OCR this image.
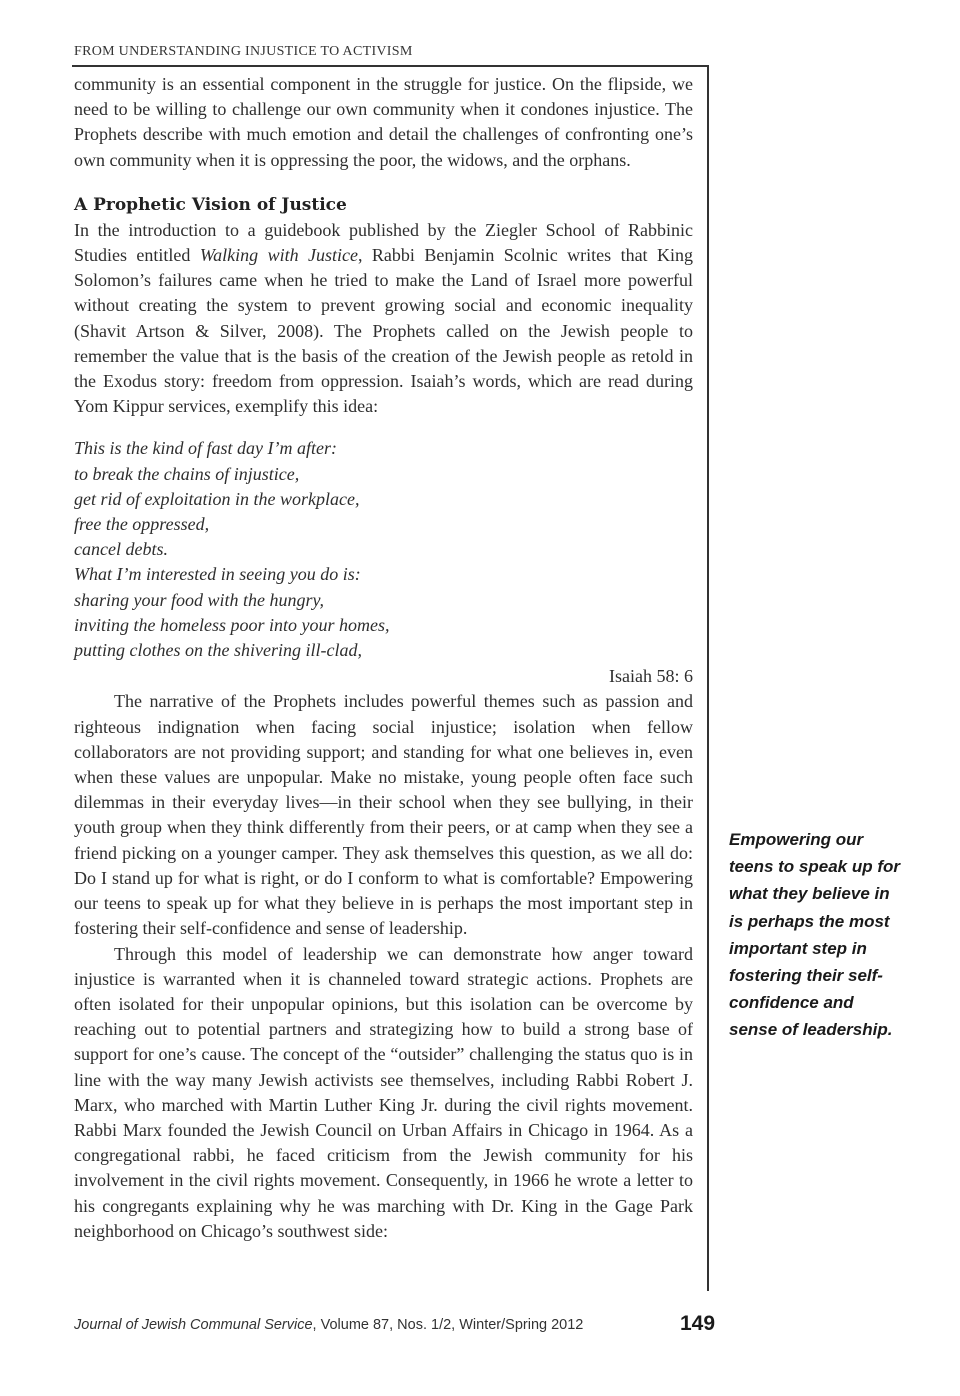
FROM UNDERSTANDING INJUSTICE TO ACTIVISM

community is an essential component in the struggle for justice. On the flipside, we need to be willing to challenge our own community when it condones injustice. The Prophets describe with much emotion and detail the challenges of confronting one’s own community when it is oppressing the poor, the widows, and the orphans.

A Prophetic Vision of Justice

In the introduction to a guidebook published by the Ziegler School of Rabbinic Studies entitled Walking with Justice, Rabbi Benjamin Scolnic writes that King Solomon’s failures came when he tried to make the Land of Israel more powerful without creating the system to prevent growing social and economic inequality (Shavit Artson & Silver, 2008). The Prophets called on the Jewish people to remember the value that is the basis of the creation of the Jewish people as retold in the Exodus story: freedom from oppression. Isaiah’s words, which are read during Yom Kippur services, exemplify this idea:

This is the kind of fast day I’m after:
to break the chains of injustice,
get rid of exploitation in the workplace,
free the oppressed,
cancel debts.
What I’m interested in seeing you do is:
sharing your food with the hungry,
inviting the homeless poor into your homes,
putting clothes on the shivering ill-clad,
Isaiah 58: 6

The narrative of the Prophets includes powerful themes such as passion and righteous indignation when facing social injustice; isolation when fellow collaborators are not providing support; and standing for what one believes in, even when these values are unpopular. Make no mistake, young people often face such dilemmas in their everyday lives—in their school when they see bullying, in their youth group when they think differently from their peers, or at camp when they see a friend picking on a younger camper. They ask themselves this question, as we all do: Do I stand up for what is right, or do I conform to what is comfortable? Empowering our teens to speak up for what they believe in is perhaps the most important step in fostering their self-confidence and sense of leadership.

Through this model of leadership we can demonstrate how anger toward injustice is warranted when it is channeled toward strategic actions. Prophets are often isolated for their unpopular opinions, but this isolation can be overcome by reaching out to potential partners and strategizing how to build a strong base of support for one’s cause. The concept of the “outsider” challenging the status quo is in line with the way many Jewish activists see themselves, including Rabbi Robert J. Marx, who marched with Martin Luther King Jr. during the civil rights movement. Rabbi Marx founded the Jewish Council on Urban Affairs in Chicago in 1964. As a congregational rabbi, he faced criticism from the Jewish community for his involvement in the civil rights movement. Consequently, in 1966 he wrote a letter to his congregants explaining why he was marching with Dr. King in the Gage Park neighborhood on Chicago’s southwest side:

Empowering our teens to speak up for what they believe in is perhaps the most important step in fostering their self-confidence and sense of leadership.
Journal of Jewish Communal Service, Volume 87, Nos. 1/2, Winter/Spring 2012	149
